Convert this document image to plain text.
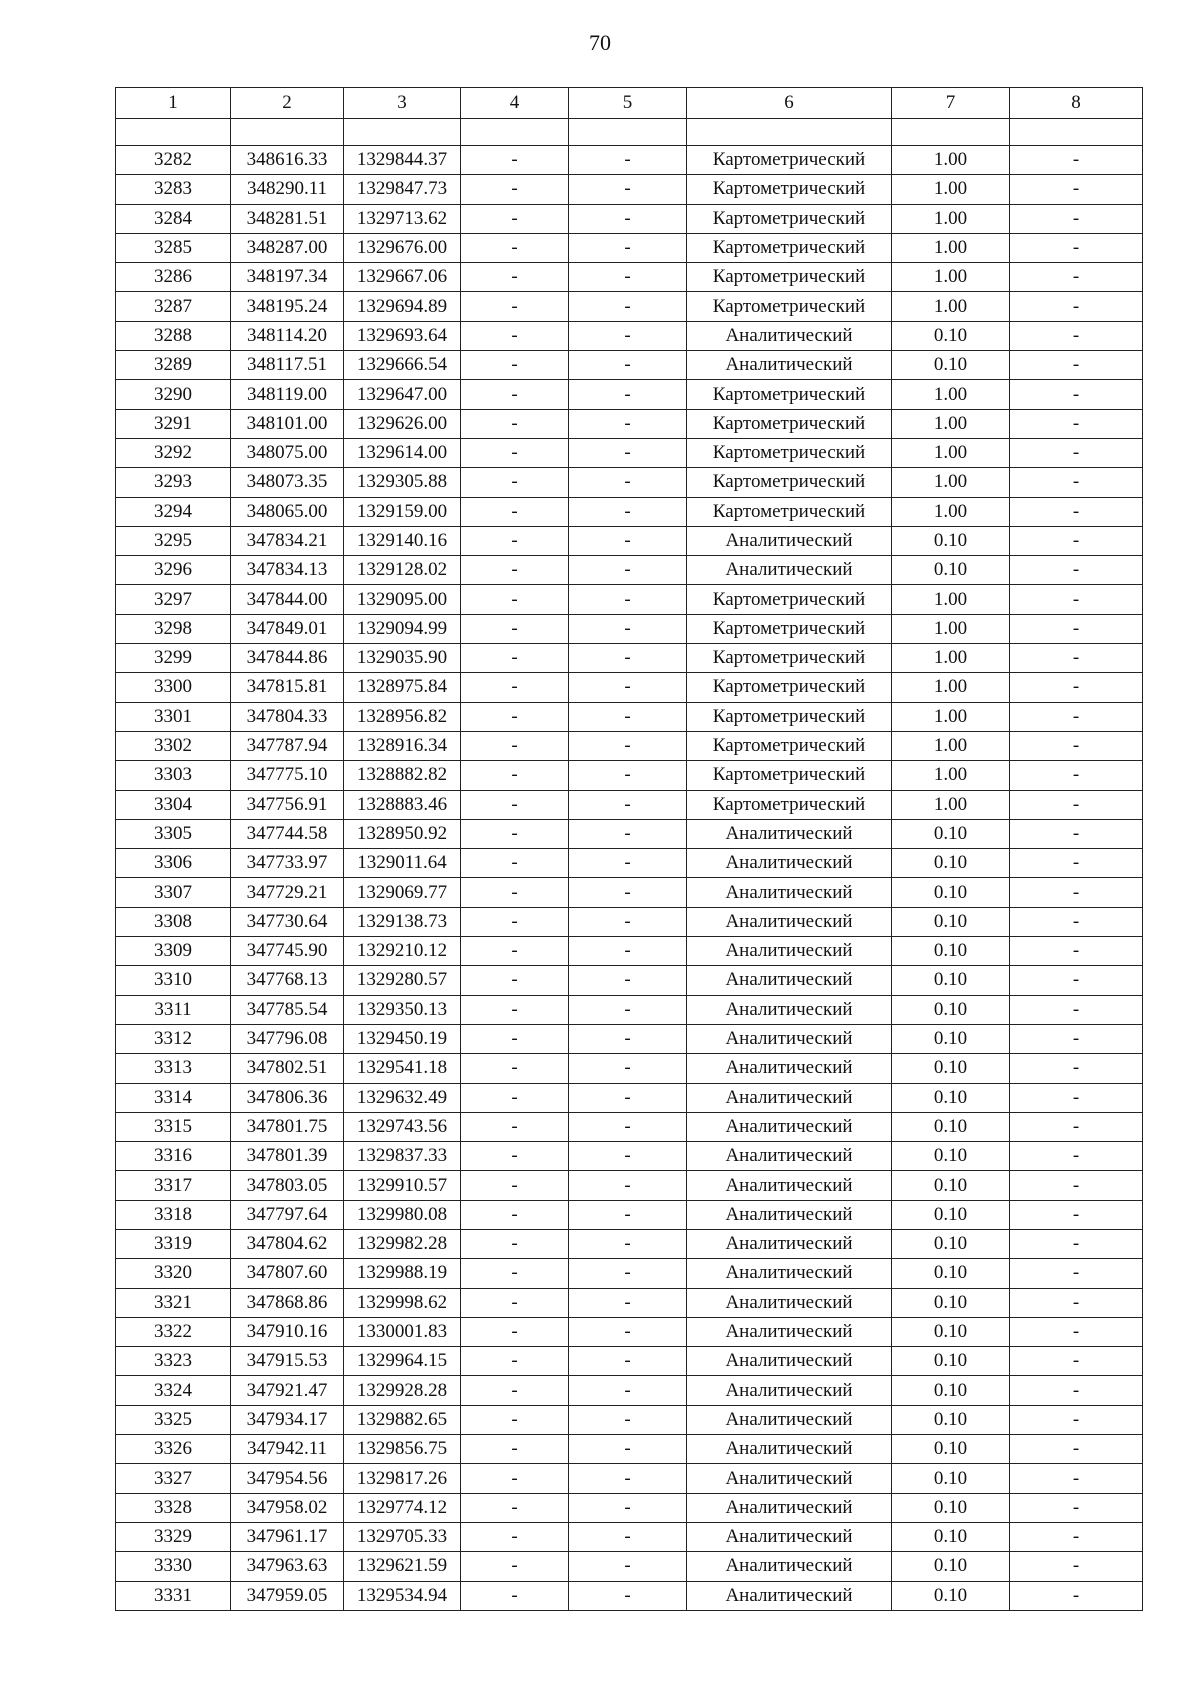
70
1	2	3	4	5	6	7	8

3282	348616.33	1329844.37	-	-	Картометрический	1.00	-
3283	348290.11	1329847.73	-	-	Картометрический	1.00	-
3284	348281.51	1329713.62	-	-	Картометрический	1.00	-
3285	348287.00	1329676.00	-	-	Картометрический	1.00	-
3286	348197.34	1329667.06	-	-	Картометрический	1.00	-
3287	348195.24	1329694.89	-	-	Картометрический	1.00	-
3288	348114.20	1329693.64	-	-	Аналитический	0.10	-
3289	348117.51	1329666.54	-	-	Аналитический	0.10	-
3290	348119.00	1329647.00	-	-	Картометрический	1.00	-
3291	348101.00	1329626.00	-	-	Картометрический	1.00	-
3292	348075.00	1329614.00	-	-	Картометрический	1.00	-
3293	348073.35	1329305.88	-	-	Картометрический	1.00	-
3294	348065.00	1329159.00	-	-	Картометрический	1.00	-
3295	347834.21	1329140.16	-	-	Аналитический	0.10	-
3296	347834.13	1329128.02	-	-	Аналитический	0.10	-
3297	347844.00	1329095.00	-	-	Картометрический	1.00	-
3298	347849.01	1329094.99	-	-	Картометрический	1.00	-
3299	347844.86	1329035.90	-	-	Картометрический	1.00	-
3300	347815.81	1328975.84	-	-	Картометрический	1.00	-
3301	347804.33	1328956.82	-	-	Картометрический	1.00	-
3302	347787.94	1328916.34	-	-	Картометрический	1.00	-
3303	347775.10	1328882.82	-	-	Картометрический	1.00	-
3304	347756.91	1328883.46	-	-	Картометрический	1.00	-
3305	347744.58	1328950.92	-	-	Аналитический	0.10	-
3306	347733.97	1329011.64	-	-	Аналитический	0.10	-
3307	347729.21	1329069.77	-	-	Аналитический	0.10	-
3308	347730.64	1329138.73	-	-	Аналитический	0.10	-
3309	347745.90	1329210.12	-	-	Аналитический	0.10	-
3310	347768.13	1329280.57	-	-	Аналитический	0.10	-
3311	347785.54	1329350.13	-	-	Аналитический	0.10	-
3312	347796.08	1329450.19	-	-	Аналитический	0.10	-
3313	347802.51	1329541.18	-	-	Аналитический	0.10	-
3314	347806.36	1329632.49	-	-	Аналитический	0.10	-
3315	347801.75	1329743.56	-	-	Аналитический	0.10	-
3316	347801.39	1329837.33	-	-	Аналитический	0.10	-
3317	347803.05	1329910.57	-	-	Аналитический	0.10	-
3318	347797.64	1329980.08	-	-	Аналитический	0.10	-
3319	347804.62	1329982.28	-	-	Аналитический	0.10	-
3320	347807.60	1329988.19	-	-	Аналитический	0.10	-
3321	347868.86	1329998.62	-	-	Аналитический	0.10	-
3322	347910.16	1330001.83	-	-	Аналитический	0.10	-
3323	347915.53	1329964.15	-	-	Аналитический	0.10	-
3324	347921.47	1329928.28	-	-	Аналитический	0.10	-
3325	347934.17	1329882.65	-	-	Аналитический	0.10	-
3326	347942.11	1329856.75	-	-	Аналитический	0.10	-
3327	347954.56	1329817.26	-	-	Аналитический	0.10	-
3328	347958.02	1329774.12	-	-	Аналитический	0.10	-
3329	347961.17	1329705.33	-	-	Аналитический	0.10	-
3330	347963.63	1329621.59	-	-	Аналитический	0.10	-
3331	347959.05	1329534.94	-	-	Аналитический	0.10	-
